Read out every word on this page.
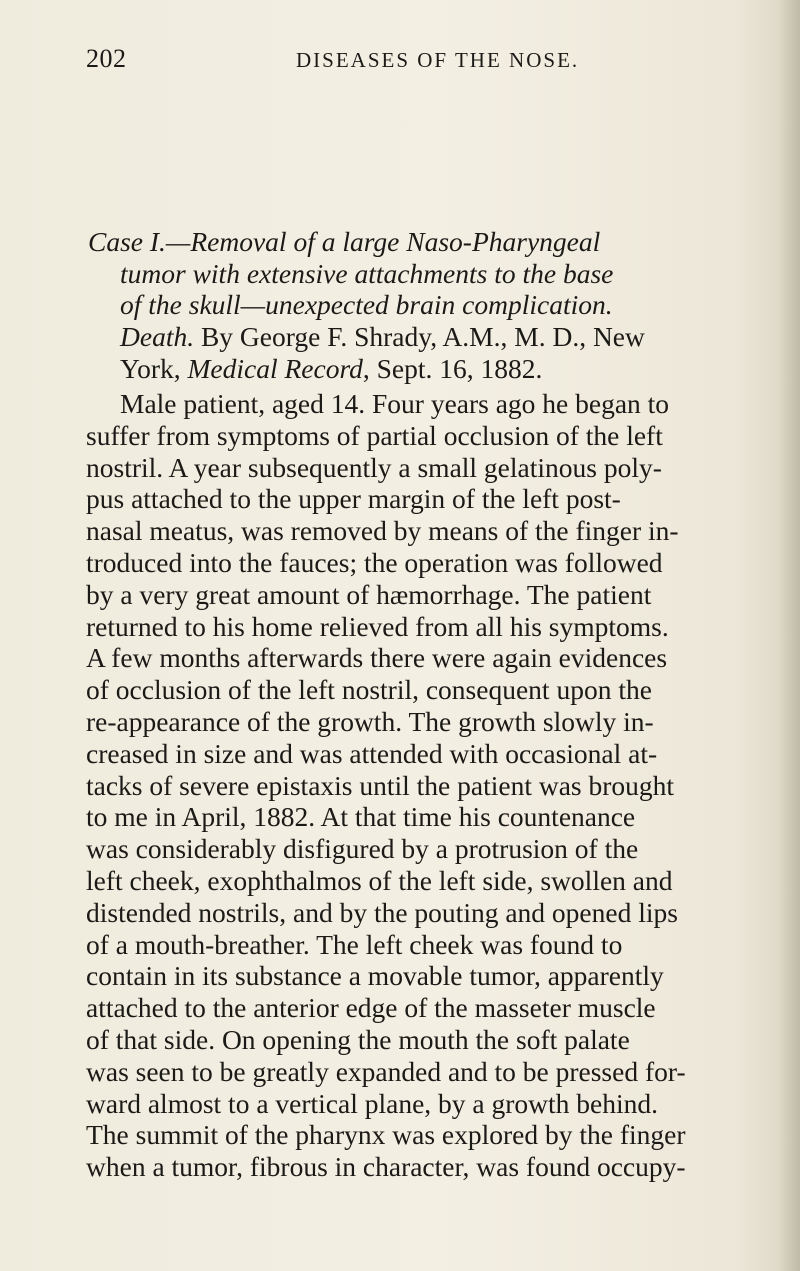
202	DISEASES OF THE NOSE.
Case I.—Removal of a large Naso-Pharyngeal
tumor with extensive attachments to the base
of the skull—unexpected brain complication.
Death. By George F. Shrady, A.M., M. D., New
York, Medical Record, Sept. 16, 1882.
Male patient, aged 14. Four years ago he began to
suffer from symptoms of partial occlusion of the left
nostril. A year subsequently a small gelatinous poly-
pus attached to the upper margin of the left post-
nasal meatus, was removed by means of the finger in-
troduced into the fauces; the operation was followed
by a very great amount of hæmorrhage. The patient
returned to his home relieved from all his symptoms.
A few months afterwards there were again evidences
of occlusion of the left nostril, consequent upon the
re-appearance of the growth. The growth slowly in-
creased in size and was attended with occasional at-
tacks of severe epistaxis until the patient was brought
to me in April, 1882. At that time his countenance
was considerably disfigured by a protrusion of the
left cheek, exophthalmos of the left side, swollen and
distended nostrils, and by the pouting and opened lips
of a mouth-breather. The left cheek was found to
contain in its substance a movable tumor, apparently
attached to the anterior edge of the masseter muscle
of that side. On opening the mouth the soft palate
was seen to be greatly expanded and to be pressed for-
ward almost to a vertical plane, by a growth behind.
The summit of the pharynx was explored by the finger
when a tumor, fibrous in character, was found occupy-
